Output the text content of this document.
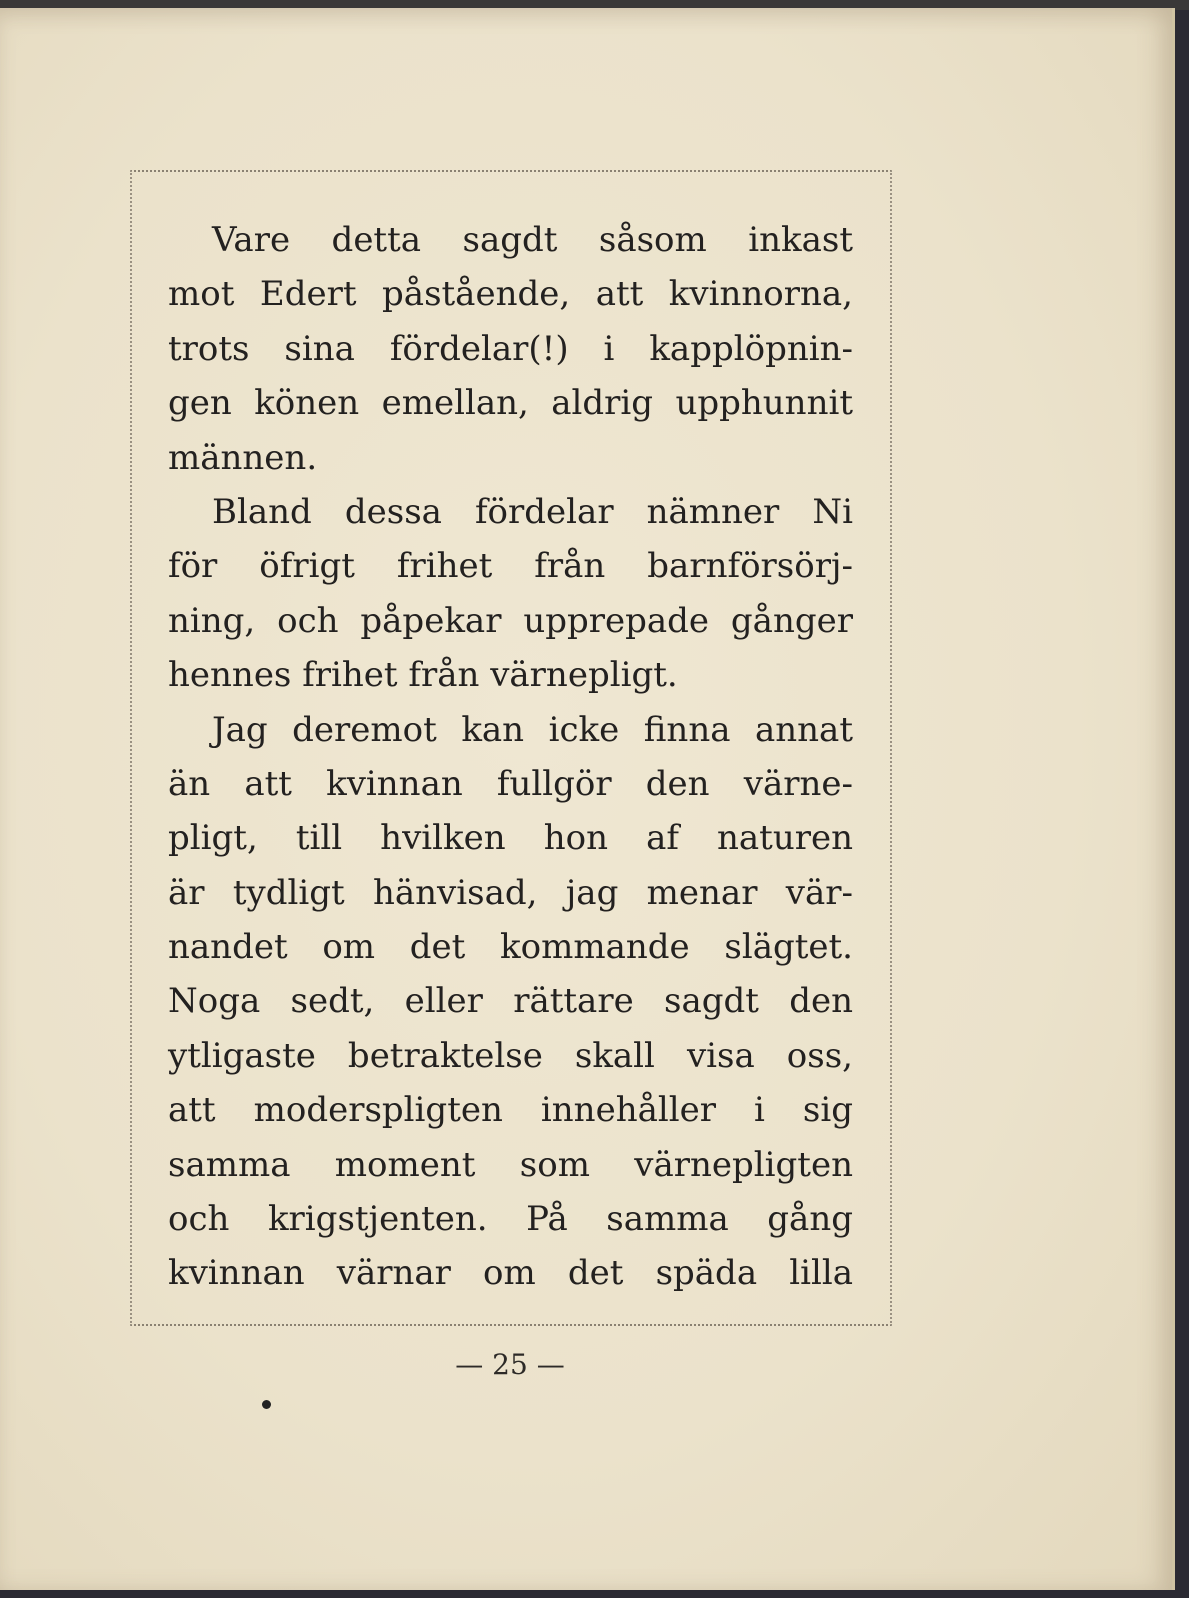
Vare detta sagdt såsom inkast
mot Edert påstående, att kvinnorna,
trots sina fördelar(!) i kapplöpnin-
gen könen emellan, aldrig upphunnit
männen.
Bland dessa fördelar nämner Ni
för öfrigt frihet från barnförsörj-
ning, och påpekar upprepade gånger
hennes frihet från värnepligt.
Jag deremot kan icke finna annat
än att kvinnan fullgör den värne-
pligt, till hvilken hon af naturen
är tydligt hänvisad, jag menar vär-
nandet om det kommande slägtet.
Noga sedt, eller rättare sagdt den
ytligaste betraktelse skall visa oss,
att moderspligten innehåller i sig
samma moment som värnepligten
och krigstjenten. På samma gång
kvinnan värnar om det späda lilla
— 25 —
